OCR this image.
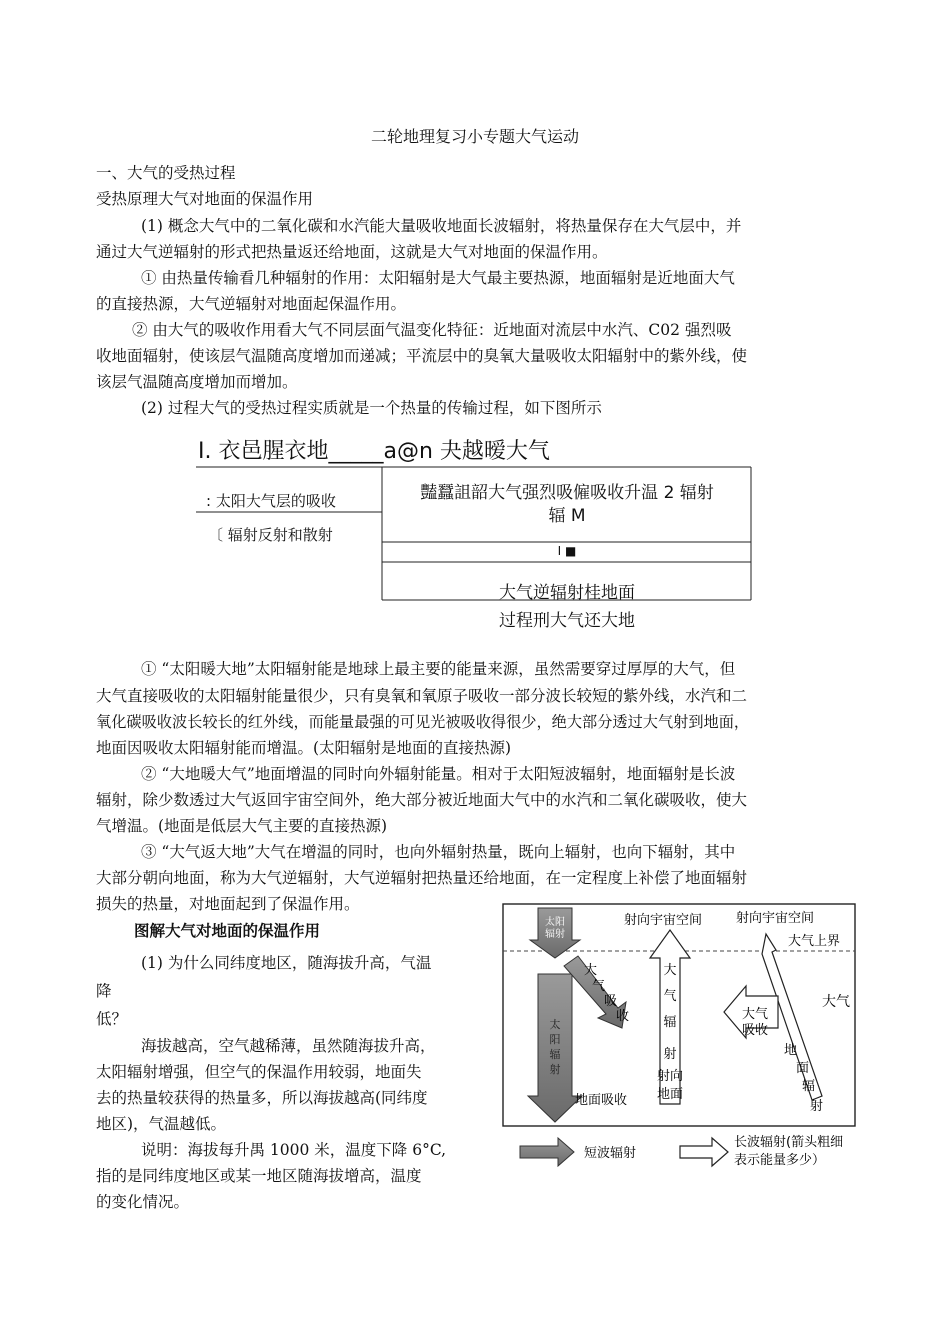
二轮地理复习小专题大气运动
一、大气的受热过程
受热原理大气对地面的保温作用
(1) 概念大气中的二氧化碳和水汽能大量吸收地面长波辐射，将热量保存在大气层中，并
通过大气逆辐射的形式把热量返还给地面，这就是大气对地面的保温作用。
① 由热量传输看几种辐射的作用：太阳辐射是大气最主要热源，地面辐射是近地面大气
的直接热源，大气逆辐射对地面起保温作用。
② 由大气的吸收作用看大气不同层面气温变化特征：近地面对流层中水汽、C02 强烈吸
收地面辐射，使该层气温随高度增加而递减；平流层中的臭氧大量吸收太阳辐射中的紫外线，使
该层气温随高度增加而增加。
(2) 过程大气的受热过程实质就是一个热量的传输过程，如下图所示
I. 衣邑腥衣地_____a@n 夬越暧大气
: 太阳大气层的吸收
〔 辐射反射和散射
豔蠶詛韶大气强烈吸僱吸收升温 2 辐射
辐 M
I ■
大气逆辐射桂地面
过程刑大气还大地
① “太阳暖大地”太阳辐射能是地球上最主要的能量来源，虽然需要穿过厚厚的大气，但
大气直接吸收的太阳辐射能量很少，只有臭氧和氧原子吸收一部分波长较短的紫外线，水汽和二
氧化碳吸收波长较长的红外线，而能量最强的可见光被吸收得很少，绝大部分透过大气射到地面，
地面因吸收太阳辐射能而增温。(太阳辐射是地面的直接热源)
② “大地暖大气”地面增温的同时向外辐射能量。相对于太阳短波辐射，地面辐射是长波
辐射，除少数透过大气返回宇宙空间外，绝大部分被近地面大气中的水汽和二氧化碳吸收，使大
气增温。(地面是低层大气主要的直接热源)
③ “大气返大地”大气在增温的同时，也向外辐射热量，既向上辐射，也向下辐射，其中
大部分朝向地面，称为大气逆辐射，大气逆辐射把热量还给地面，在一定程度上补偿了地面辐射
损失的热量，对地面起到了保温作用。
图解大气对地面的保温作用
(1) 为什么同纬度地区，随海拔升高，气温
降
低？
海拔越高，空气越稀薄，虽然随海拔升高，
太阳辐射增强，但空气的保温作用较弱，地面失
去的热量较获得的热量多，所以海拔越高(同纬度
地区)，气温越低。
说明：海拔每升禺 1000 米，温度下降 6°C,
指的是同纬度地区或某一地区随海拔增高，温度
的变化情况。
太阳
辐射
太
阳
辐
射
大
气
吸
收
地面吸收
大
气
辐
射
射向
地面
射向宇宙空间	射向宇宙空间
大气上界
大气
吸收
大气
地
面
辐
射
短波辐射
长波辐射(箭头粗细
表示能量多少）
